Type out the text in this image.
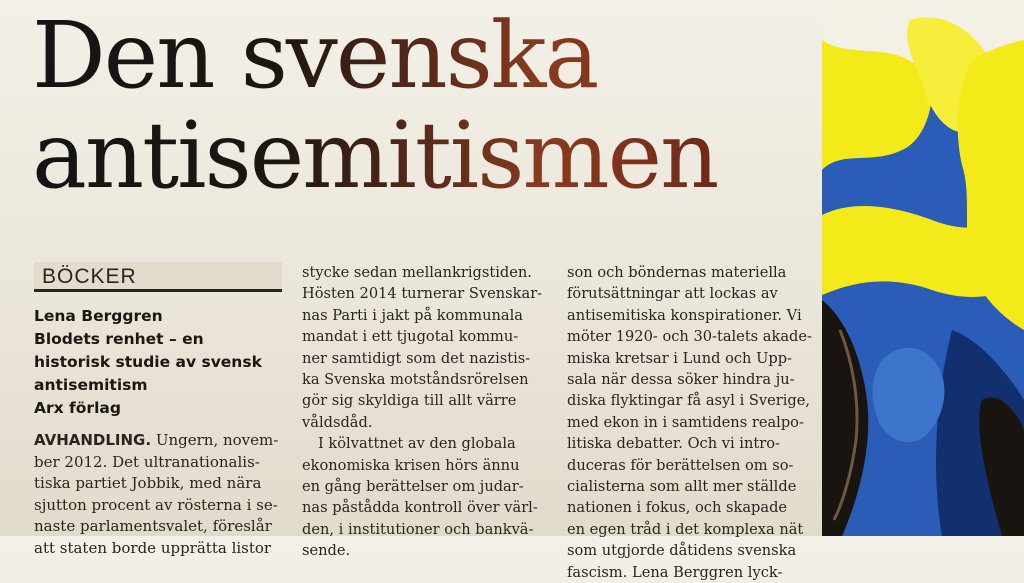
Den svenska
antisemitismen
BÖCKER
Lena Berggren
Blodets renhet – en
historisk studie av svensk
antisemitism
Arx förlag
AVHANDLING. Ungern, novem-
ber 2012. Det ultranationalis-
tiska partiet Jobbik, med nära
sjutton procent av rösterna i se-
naste parlamentsvalet, föreslår
att staten borde upprätta listor
stycke sedan mellankrigstiden.
Hösten 2014 turnerar Svenskar-
nas Parti i jakt på kommunala
mandat i ett tjugotal kommu-
ner samtidigt som det nazistis-
ka Svenska motståndsrörelsen
gör sig skyldiga till allt värre
våldsdåd.
I kölvattnet av den globala
ekonomiska krisen hörs ännu
en gång berättelser om judar-
nas påstådda kontroll över värl-
den, i institutioner och bankvä-
sende.
son och böndernas materiella
förutsättningar att lockas av
antisemitiska konspirationer. Vi
möter 1920- och 30-talets akade-
miska kretsar i Lund och Upp-
sala när dessa söker hindra ju-
diska flyktingar få asyl i Sverige,
med ekon in i samtidens realpo-
litiska debatter. Och vi intro-
duceras för berättelsen om so-
cialisterna som allt mer ställde
nationen i fokus, och skapade
en egen tråd i det komplexa nät
som utgjorde dåtidens svenska
fascism. Lena Berggren lyck-
